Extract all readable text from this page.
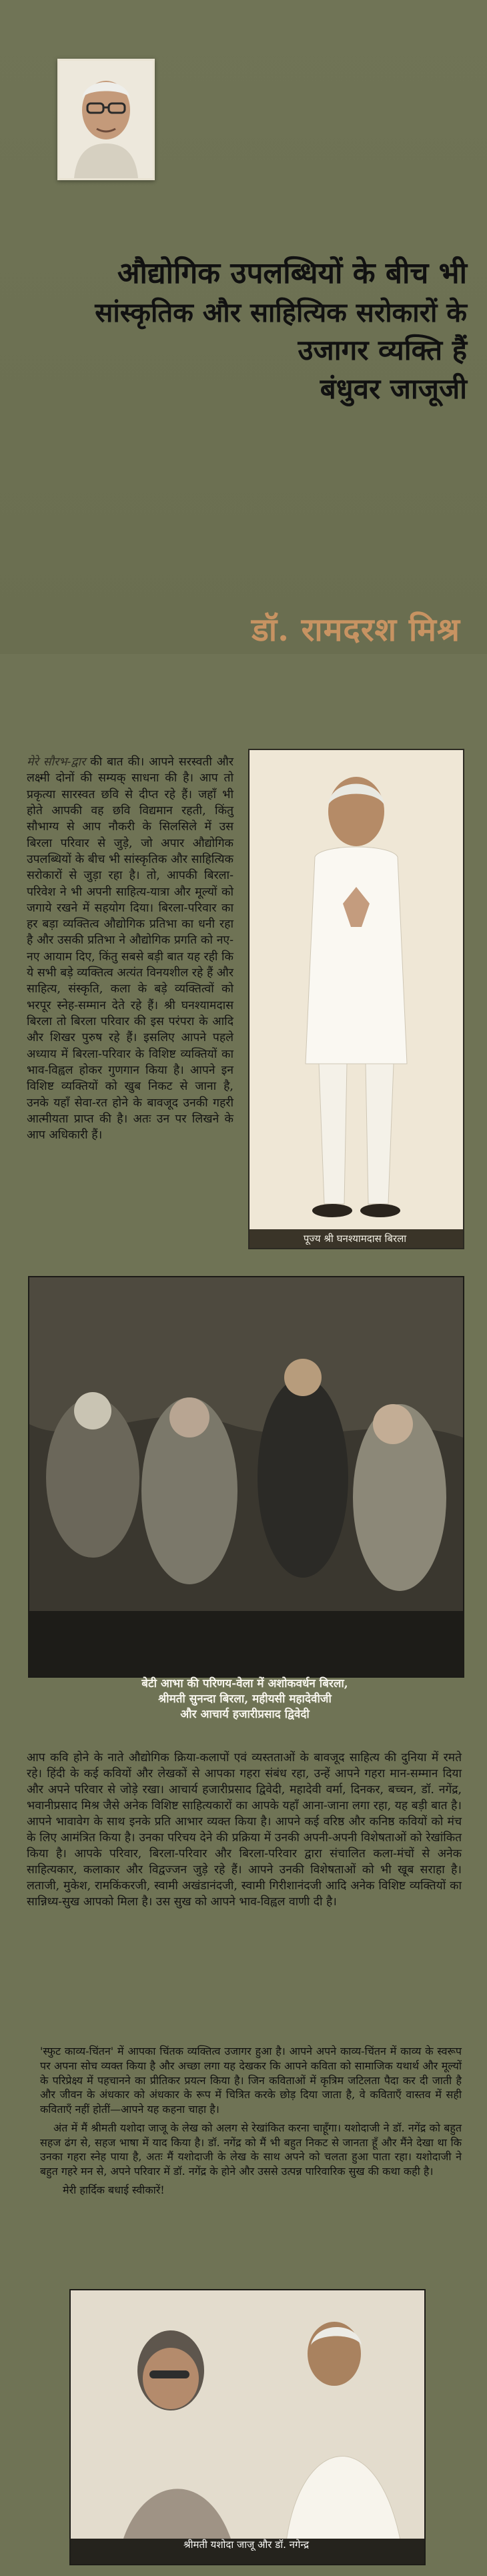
औद्योगिक उपलब्धियों के बीच भी
सांस्कृतिक और साहित्यिक सरोकारों के
उजागर व्यक्ति हैं
बंधुवर जाजूजी
डॉ. रामदरश मिश्र
मेरे सौरभ-द्वार की बात की। आपने सरस्वती और लक्ष्मी दोनों की सम्यक् साधना की है। आप तो प्रकृत्या सारस्वत छवि से दीप्त रहे हैं। जहाँ भी होते आपकी वह छवि विद्यमान रहती, किंतु सौभाग्य से आप नौकरी के सिलसिले में उस बिरला परिवार से जुड़े, जो अपार औद्योगिक उपलब्धियों के बीच भी सांस्कृतिक और साहित्यिक सरोकारों से जुड़ा रहा है। तो, आपकी बिरला-परिवेश ने भी अपनी साहित्य-यात्रा और मूल्यों को जगाये रखने में सहयोग दिया। बिरला-परिवार का हर बड़ा व्यक्तित्व औद्योगिक प्रतिभा का धनी रहा है और उसकी प्रतिभा ने औद्योगिक प्रगति को नए-नए आयाम दिए, किंतु सबसे बड़ी बात यह रही कि ये सभी बड़े व्यक्तित्व अत्यंत विनयशील रहे हैं और साहित्य, संस्कृति, कला के बड़े व्यक्तित्वों को भरपूर स्नेह-सम्मान देते रहे हैं। श्री घनश्यामदास बिरला तो बिरला परिवार की इस परंपरा के आदि और शिखर पुरुष रहे हैं। इसलिए आपने पहले अध्याय में बिरला-परिवार के विशिष्ट व्यक्तियों का भाव-विह्वल होकर गुणगान किया है। आपने इन विशिष्ट व्यक्तियों को खुब निकट से जाना है, उनके यहाँ सेवा-रत होने के बावजूद उनकी गहरी आत्मीयता प्राप्त की है। अतः उन पर लिखने के आप अधिकारी हैं।
पूज्य श्री घनश्यामदास बिरला
बेटी आभा की परिणय-वेला में अशोकवर्धन बिरला,
श्रीमती सुनन्दा बिरला, महीयसी महादेवीजी
और आचार्य हजारीप्रसाद द्विवेदी
आप कवि होने के नाते औद्योगिक क्रिया-कलापों एवं व्यस्तताओं के बावजूद साहित्य की दुनिया में रमते रहे। हिंदी के कई कवियों और लेखकों से आपका गहरा संबंध रहा, उन्हें आपने गहरा मान-सम्मान दिया और अपने परिवार से जोड़े रखा। आचार्य हजारीप्रसाद द्विवेदी, महादेवी वर्मा, दिनकर, बच्चन, डॉ. नगेंद्र, भवानीप्रसाद मिश्र जैसे अनेक विशिष्ट साहित्यकारों का आपके यहाँ आना-जाना लगा रहा, यह बड़ी बात है। आपने भावावेग के साथ इनके प्रति आभार व्यक्त किया है। आपने कई वरिष्ठ और कनिष्ठ कवियों को मंच के लिए आमंत्रित किया है। उनका परिचय देने की प्रक्रिया में उनकी अपनी-अपनी विशेषताओं को रेखांकित किया है। आपके परिवार, बिरला-परिवार और बिरला-परिवार द्वारा संचालित कला-मंचों से अनेक साहित्यकार, कलाकार और विद्वज्जन जुड़े रहे हैं। आपने उनकी विशेषताओं को भी खूब सराहा है। लताजी, मुकेश, रामकिंकरजी, स्वामी अखंडानंदजी, स्वामी गिरीशानंदजी आदि अनेक विशिष्ट व्यक्तियों का सान्निध्य-सुख आपको मिला है। उस सुख को आपने भाव-विह्वल वाणी दी है।

'स्फुट काव्य-चिंतन' में आपका चिंतक व्यक्तित्व उजागर हुआ है। आपने अपने काव्य-चिंतन में काव्य के स्वरूप पर अपना सोच व्यक्त किया है और अच्छा लगा यह देखकर कि आपने कविता को सामाजिक यथार्थ और मूल्यों के परिप्रेक्ष्य में पहचानने का प्रीतिकर प्रयत्न किया है। जिन कविताओं में कृत्रिम जटिलता पैदा कर दी जाती है और जीवन के अंधकार को अंधकार के रूप में चित्रित करके छोड़ दिया जाता है, वे कविताएँ वास्तव में सही कविताएँ नहीं होतीं—आपने यह कहना चाहा है।

अंत में मैं श्रीमती यशोदा जाजू के लेख को अलग से रेखांकित करना चाहूँगा। यशोदाजी ने डॉ. नगेंद्र को बहुत सहज ढंग से, सहज भाषा में याद किया है। डॉ. नगेंद्र को मैं भी बहुत निकट से जानता हूँ और मैंने देखा था कि उनका गहरा स्नेह पाया है, अतः मैं यशोदाजी के लेख के साथ अपने को चलता हुआ पाता रहा। यशोदाजी ने बहुत गहरे मन से, अपने परिवार में डॉ. नगेंद्र के होने और उससे उत्पन्न पारिवारिक सुख की कथा कही है।

मेरी हार्दिक बधाई स्वीकारें!

श्रीमती यशोदा जाजू और डॉ. नगेन्द्र
